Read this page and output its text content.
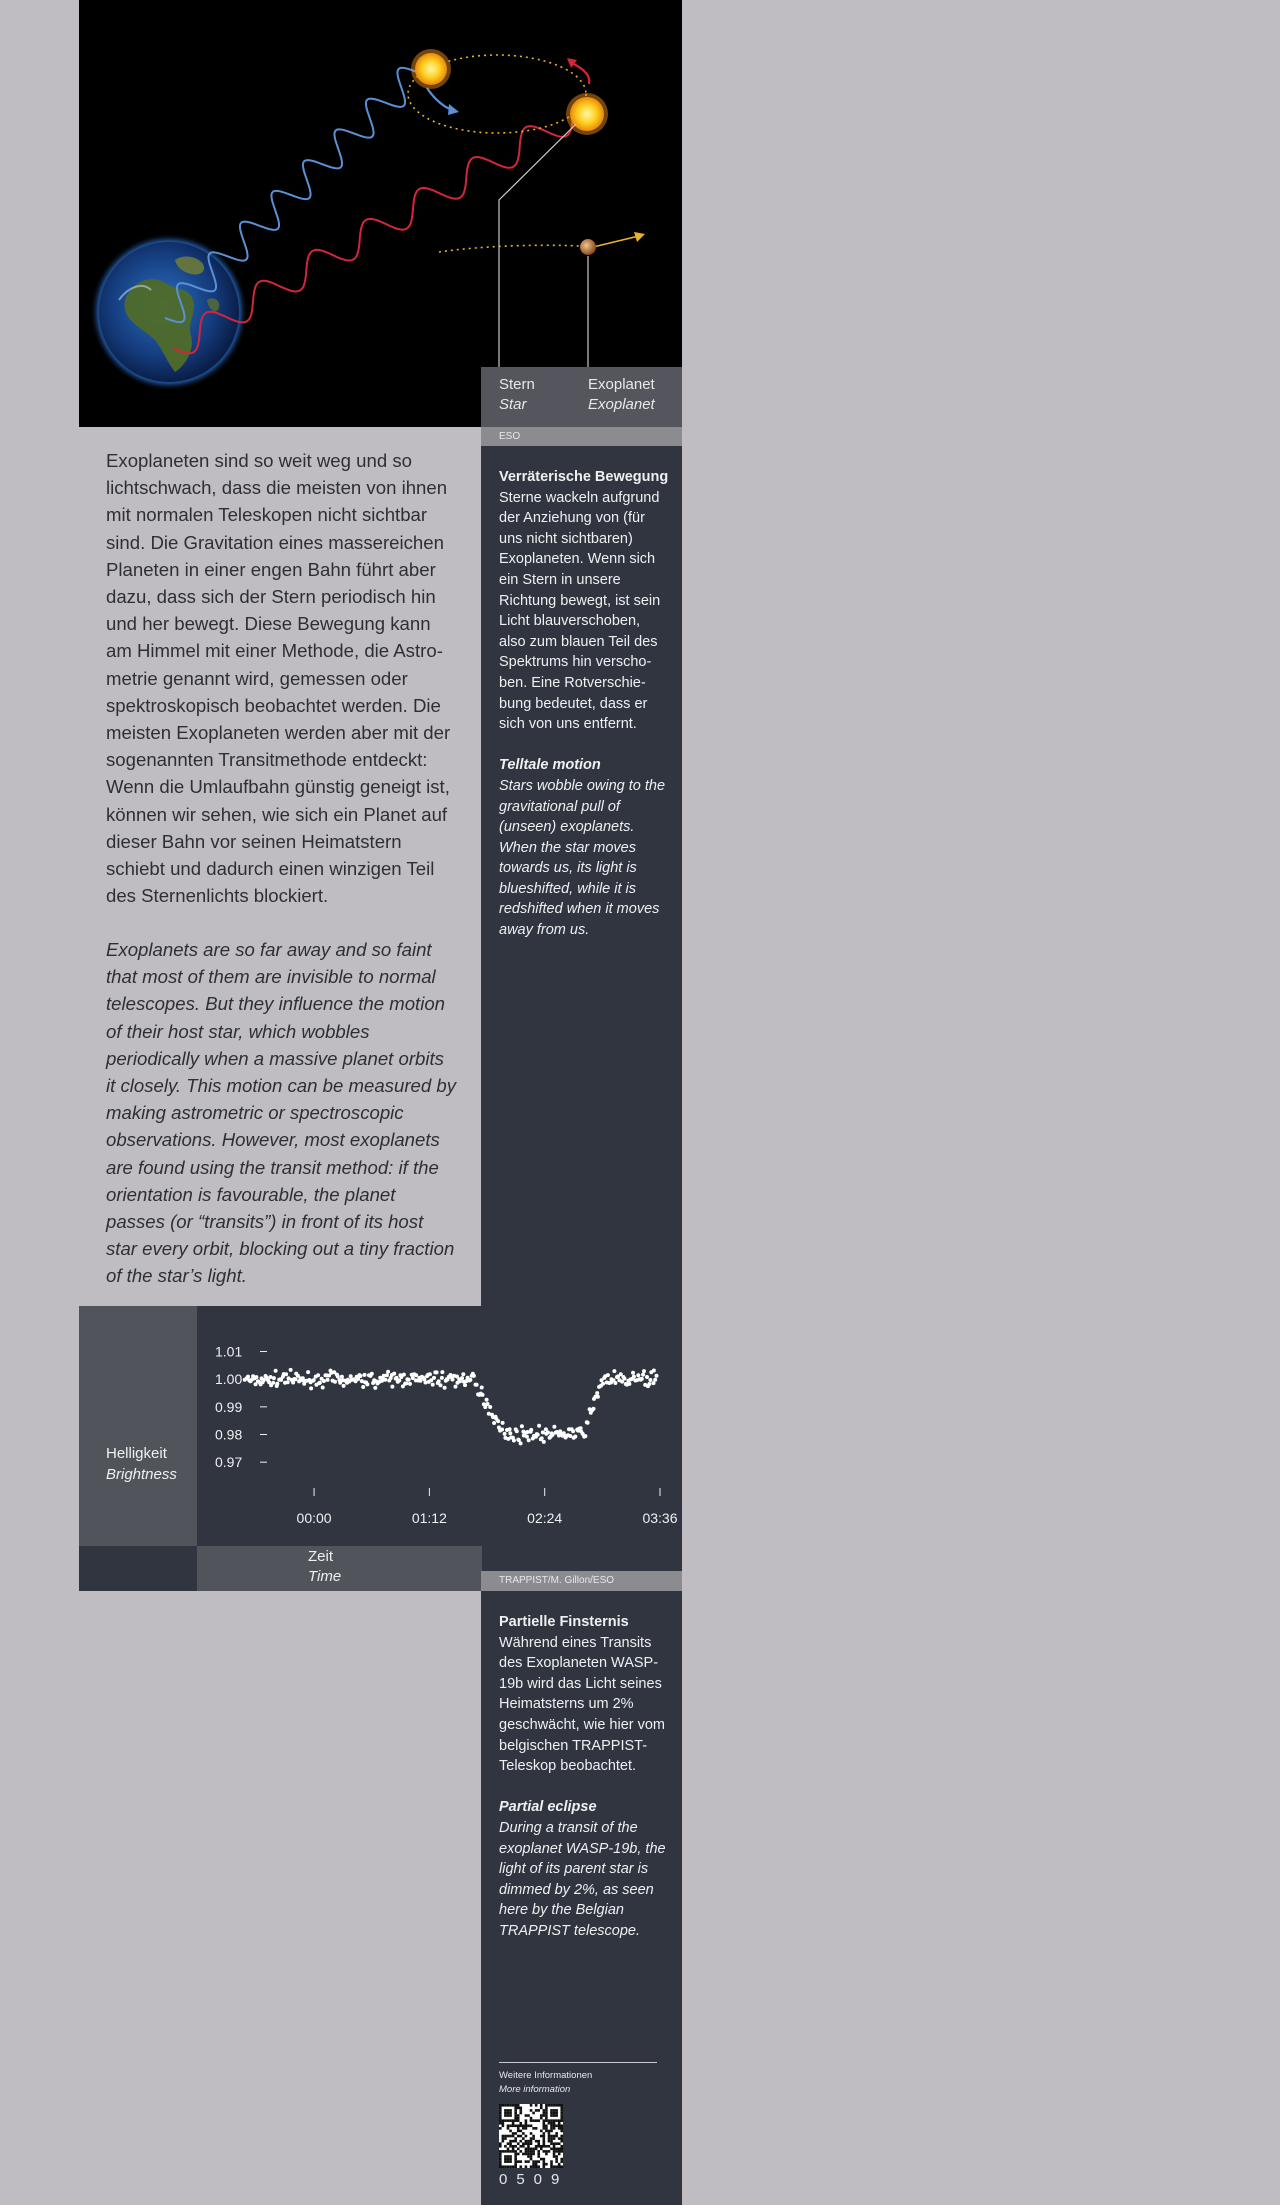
Stern
Star
Exoplanet
Exoplanet
ESO

Verräterische Bewegung

Sterne wackeln aufgrund der Anziehung von (für uns nicht sichtbaren) Exoplaneten. Wenn sich ein Stern in unsere Richtung bewegt, ist sein Licht blauverschoben, also zum blauen Teil des Spektrums hin verschoben. Eine Rotverschiebung bedeutet, dass er sich von uns entfernt.

Telltale motion

Stars wobble owing to the gravitational pull of (unseen) exoplanets. When the star moves towards us, its light is blueshifted, while it is redshifted when it moves away from us.

Exoplaneten sind so weit weg und so lichtschwach, dass die meisten von ihnen mit normalen Teleskopen nicht sichtbar sind. Die Gravitation eines massereichen Planeten in einer engen Bahn führt aber dazu, dass sich der Stern periodisch hin und her bewegt. Diese Bewegung kann am Himmel mit einer Methode, die Astrometrie genannt wird, gemessen oder spektroskopisch beobachtet werden. Die meisten Exoplaneten werden aber mit der sogenannten Transitmethode entdeckt: Wenn die Umlaufbahn günstig geneigt ist, können wir sehen, wie sich ein Planet auf dieser Bahn vor seinen Heimatstern schiebt und dadurch einen winzigen Teil des Sternenlichts blockiert.

Exoplanets are so far away and so faint that most of them are invisible to normal telescopes. But they influence the motion of their host star, which wobbles periodically when a massive planet orbits it closely. This motion can be measured by making astrometric or spectroscopic observations. However, most exoplanets are found using the transit method: if the orientation is favourable, the planet passes (or “transits”) in front of its host star every orbit, blocking out a tiny fraction of the star’s light.

Helligkeit
Brightness
1.01
1.00
0.99
0.98
0.97
00:00	01:12	02:24	03:36
Zeit
Time	TRAPPIST/M. Gillon/ESO

Partielle Finsternis

Während eines Transits des Exoplaneten WASP-19b wird das Licht seines Heimatsterns um 2% geschwächt, wie hier vom belgischen TRAPPIST-Teleskop beobachtet.

Partial eclipse

During a transit of the exoplanet WASP-19b, the light of its parent star is dimmed by 2%, as seen here by the Belgian TRAPPIST telescope.

Weitere Informationen
More information
0509
